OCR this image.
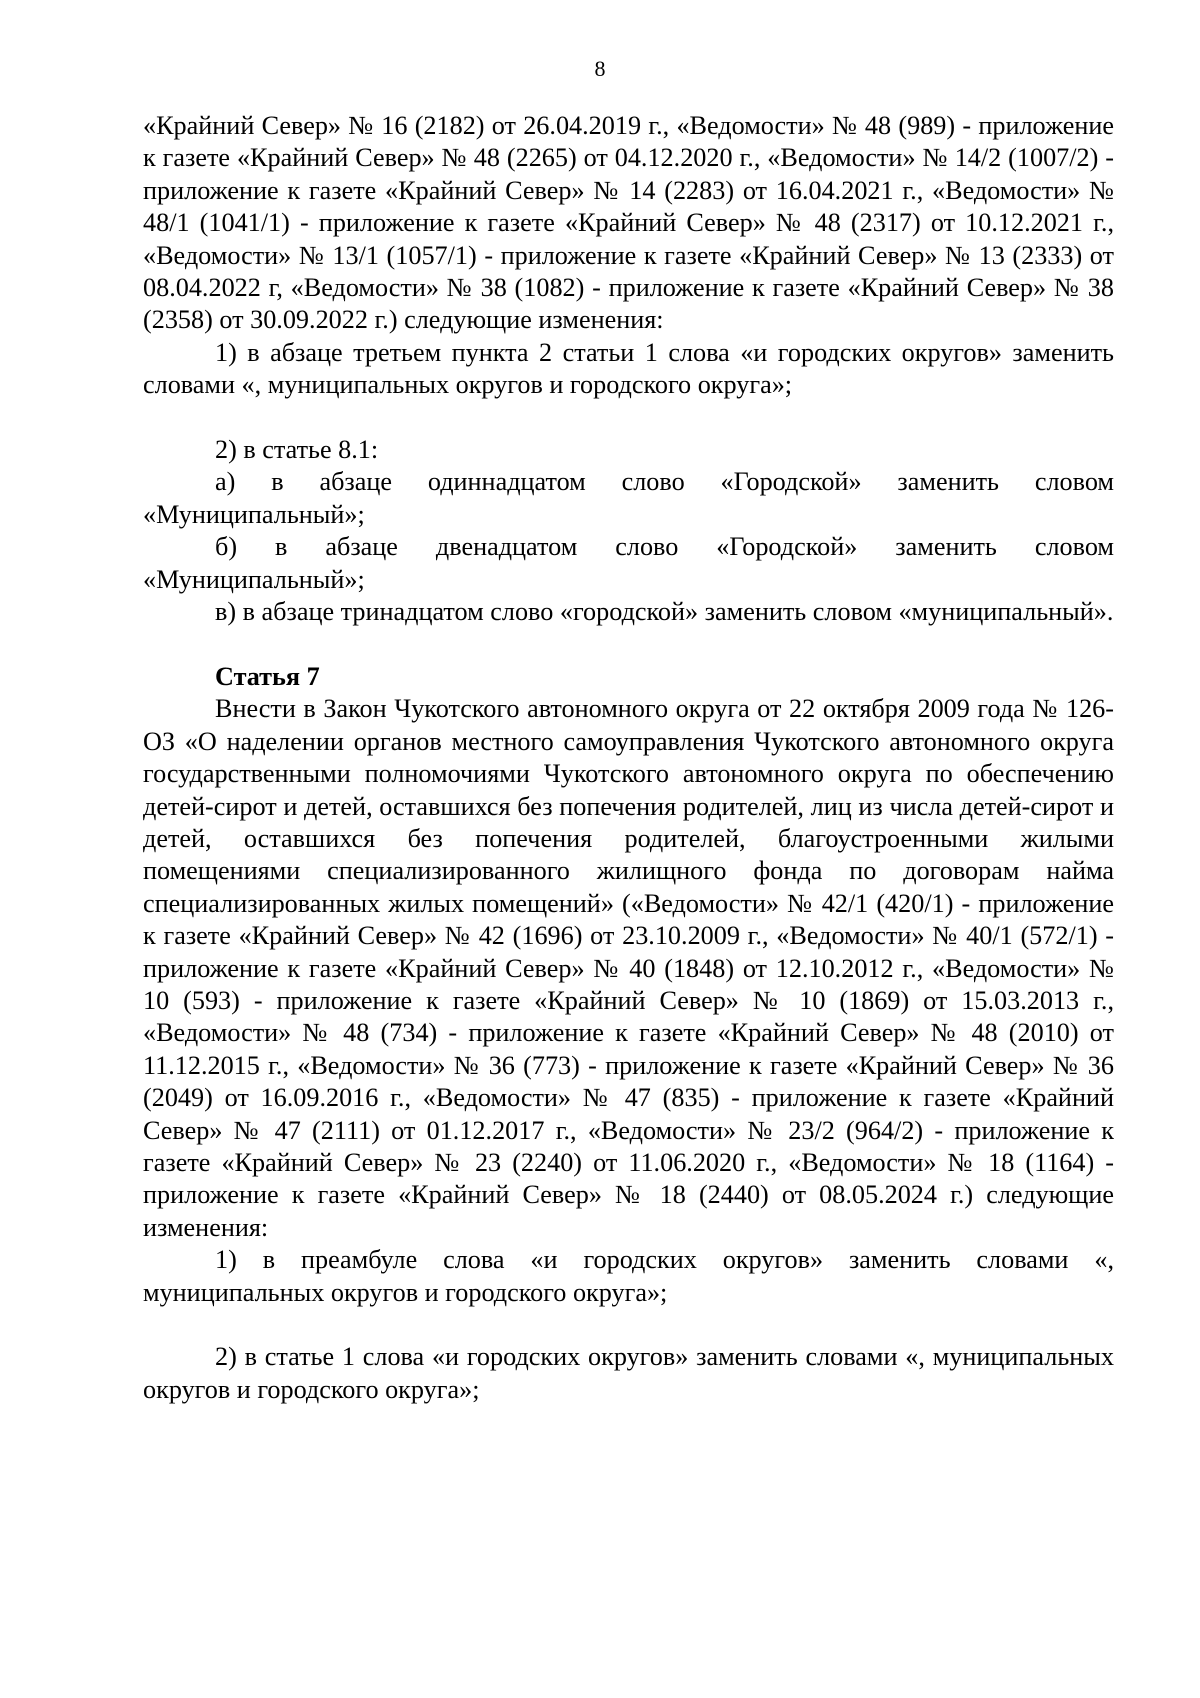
8

«Крайний Север» № 16 (2182) от 26.04.2019 г., «Ведомости» № 48 (989) - приложение к газете «Крайний Север» № 48 (2265) от 04.12.2020 г., «Ведомости» № 14/2 (1007/2) - приложение к газете «Крайний Север» № 14 (2283) от 16.04.2021 г., «Ведомости» № 48/1 (1041/1) - приложение к газете «Крайний Север» № 48 (2317) от 10.12.2021 г., «Ведомости» № 13/1 (1057/1) - приложение к газете «Крайний Север» № 13 (2333) от 08.04.2022 г, «Ведомости» № 38 (1082) - приложение к газете «Крайний Север» № 38 (2358) от 30.09.2022 г.) следующие изменения:

1) в абзаце третьем пункта 2 статьи 1 слова «и городских округов» заменить словами «, муниципальных округов и городского округа»;

2) в статье 8.1:

а) в абзаце одиннадцатом слово «Городской» заменить словом «Муниципальный»;

б) в абзаце двенадцатом слово «Городской» заменить словом «Муниципальный»;

в) в абзаце тринадцатом слово «городской» заменить словом «муниципальный».

Статья 7

Внести в Закон Чукотского автономного округа от 22 октября 2009 года № 126-ОЗ «О наделении органов местного самоуправления Чукотского автономного округа государственными полномочиями Чукотского автономного округа по обеспечению детей-сирот и детей, оставшихся без попечения родителей, лиц из числа детей-сирот и детей, оставшихся без попечения родителей, благоустроенными жилыми помещениями специализированного жилищного фонда по договорам найма специализированных жилых помещений» («Ведомости» № 42/1 (420/1) - приложение к газете «Крайний Север» № 42 (1696) от 23.10.2009 г., «Ведомости» № 40/1 (572/1) - приложение к газете «Крайний Север» № 40 (1848) от 12.10.2012 г., «Ведомости» № 10 (593) - приложение к газете «Крайний Север» № 10 (1869) от 15.03.2013 г., «Ведомости» № 48 (734) - приложение к газете «Крайний Север» № 48 (2010) от 11.12.2015 г., «Ведомости» № 36 (773) - приложение к газете «Крайний Север» № 36 (2049) от 16.09.2016 г., «Ведомости» № 47 (835) - приложение к газете «Крайний Север» № 47 (2111) от 01.12.2017 г., «Ведомости» № 23/2 (964/2) - приложение к газете «Крайний Север» № 23 (2240) от 11.06.2020 г., «Ведомости» № 18 (1164) - приложение к газете «Крайний Север» № 18 (2440) от 08.05.2024 г.) следующие изменения:

1) в преамбуле слова «и городских округов» заменить словами «, муниципальных округов и городского округа»;

2) в статье 1 слова «и городских округов» заменить словами «, муниципальных округов и городского округа»;
